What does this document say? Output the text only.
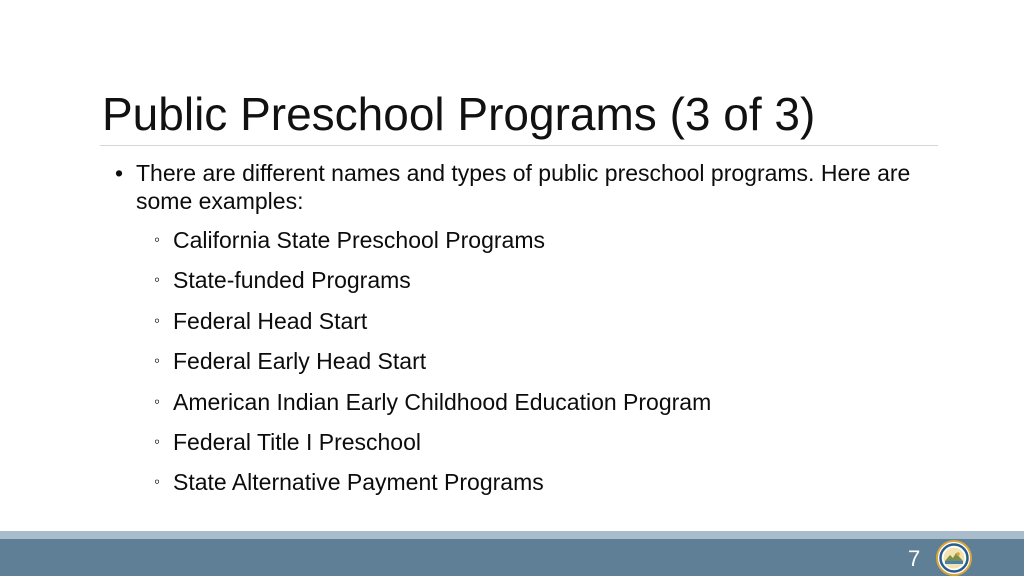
Public Preschool Programs (3 of 3)
• There are different names and types of public preschool programs. Here are some examples:
◦ California State Preschool Programs
◦ State-funded Programs
◦ Federal Head Start
◦ Federal Early Head Start
◦ American Indian Early Childhood Education Program
◦ Federal Title I Preschool
◦ State Alternative Payment Programs
7
